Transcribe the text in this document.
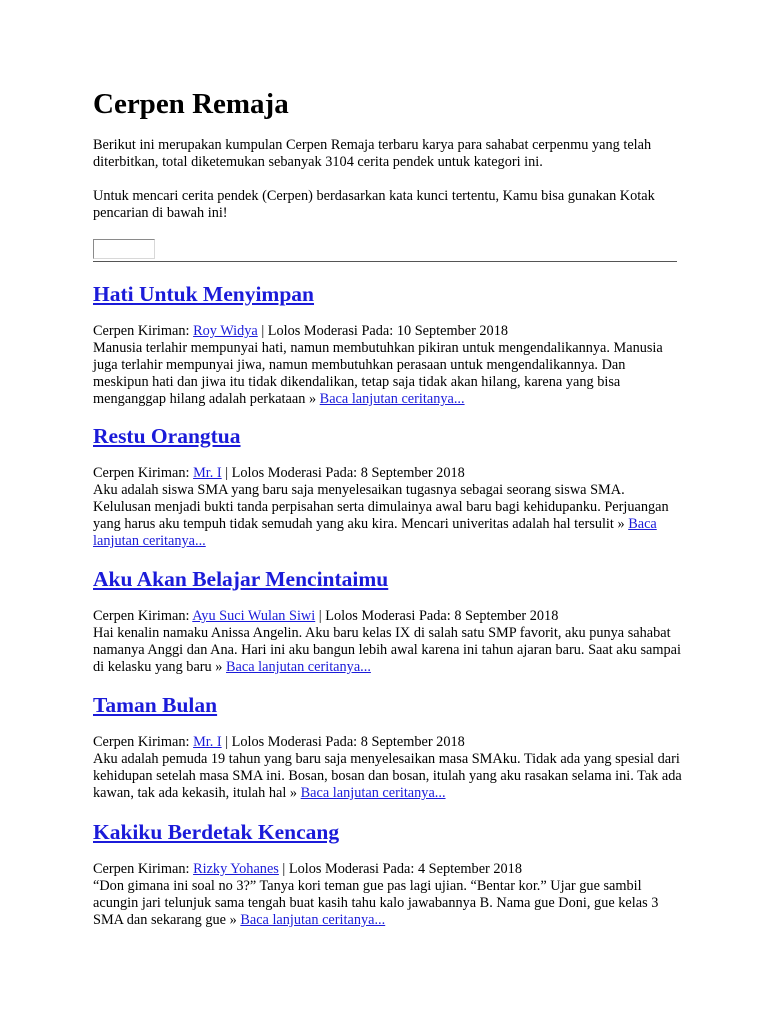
Cerpen Remaja

Berikut ini merupakan kumpulan Cerpen Remaja terbaru karya para sahabat cerpenmu yang telah diterbitkan, total diketemukan sebanyak 3104 cerita pendek untuk kategori ini.

Untuk mencari cerita pendek (Cerpen) berdasarkan kata kunci tertentu, Kamu bisa gunakan Kotak pencarian di bawah ini!

Hati Untuk Menyimpan

Cerpen Kiriman: Roy Widya | Lolos Moderasi Pada: 10 September 2018

Manusia terlahir mempunyai hati, namun membutuhkan pikiran untuk mengendalikannya. Manusia juga terlahir mempunyai jiwa, namun membutuhkan perasaan untuk mengendalikannya. Dan meskipun hati dan jiwa itu tidak dikendalikan, tetap saja tidak akan hilang, karena yang bisa menganggap hilang adalah perkataan » Baca lanjutan ceritanya...

Restu Orangtua

Cerpen Kiriman: Mr. I | Lolos Moderasi Pada: 8 September 2018

Aku adalah siswa SMA yang baru saja menyelesaikan tugasnya sebagai seorang siswa SMA. Kelulusan menjadi bukti tanda perpisahan serta dimulainya awal baru bagi kehidupanku. Perjuangan yang harus aku tempuh tidak semudah yang aku kira. Mencari univeritas adalah hal tersulit » Baca lanjutan ceritanya...

Aku Akan Belajar Mencintaimu

Cerpen Kiriman: Ayu Suci Wulan Siwi | Lolos Moderasi Pada: 8 September 2018

Hai kenalin namaku Anissa Angelin. Aku baru kelas IX di salah satu SMP favorit, aku punya sahabat namanya Anggi dan Ana. Hari ini aku bangun lebih awal karena ini tahun ajaran baru. Saat aku sampai di kelasku yang baru » Baca lanjutan ceritanya...

Taman Bulan

Cerpen Kiriman: Mr. I | Lolos Moderasi Pada: 8 September 2018

Aku adalah pemuda 19 tahun yang baru saja menyelesaikan masa SMAku. Tidak ada yang spesial dari kehidupan setelah masa SMA ini. Bosan, bosan dan bosan, itulah yang aku rasakan selama ini. Tak ada kawan, tak ada kekasih, itulah hal » Baca lanjutan ceritanya...

Kakiku Berdetak Kencang

Cerpen Kiriman: Rizky Yohanes | Lolos Moderasi Pada: 4 September 2018

“Don gimana ini soal no 3?” Tanya kori teman gue pas lagi ujian. “Bentar kor.” Ujar gue sambil acungin jari telunjuk sama tengah buat kasih tahu kalo jawabannya B. Nama gue Doni, gue kelas 3 SMA dan sekarang gue » Baca lanjutan ceritanya...
